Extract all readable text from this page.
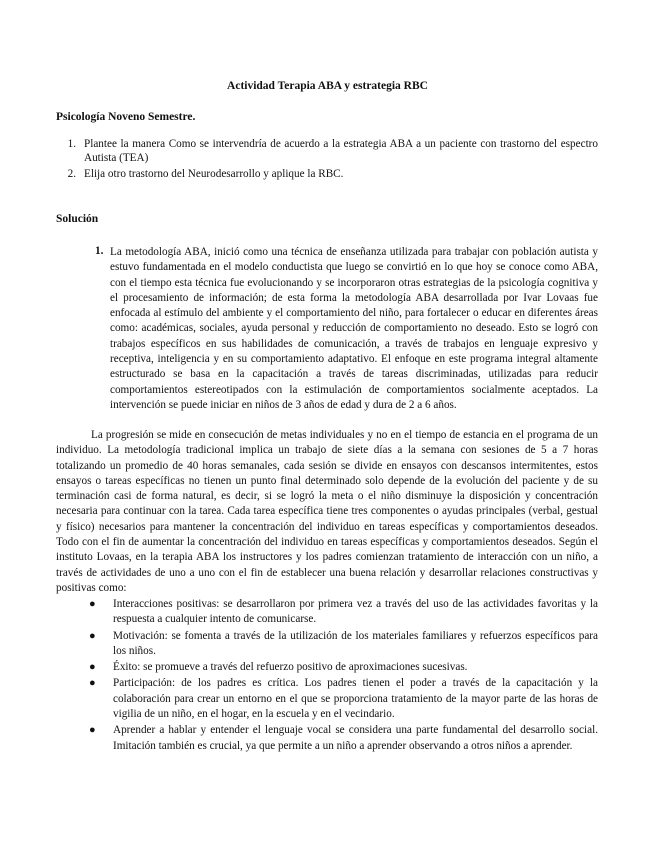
Actividad Terapia ABA y estrategia RBC
Psicología Noveno Semestre.
1. Plantee la manera Como se intervendría de acuerdo a la estrategia ABA a un paciente con trastorno del espectro Autista (TEA)
2. Elija otro trastorno del Neurodesarrollo y aplique la RBC.
Solución
1. La metodología ABA, inició como una técnica de enseñanza utilizada para trabajar con población autista y estuvo fundamentada en el modelo conductista que luego se convirtió en lo que hoy se conoce como ABA, con el tiempo esta técnica fue evolucionando y se incorporaron otras estrategias de la psicología cognitiva y el procesamiento de información; de esta forma la metodología ABA desarrollada por Ivar Lovaas fue enfocada al estímulo del ambiente y el comportamiento del niño, para fortalecer o educar en diferentes áreas como: académicas, sociales, ayuda personal y reducción de comportamiento no deseado. Esto se logró con trabajos específicos en sus habilidades de comunicación, a través de trabajos en lenguaje expresivo y receptiva, inteligencia y en su comportamiento adaptativo. El enfoque en este programa integral altamente estructurado se basa en la capacitación a través de tareas discriminadas, utilizadas para reducir comportamientos estereotipados con la estimulación de comportamientos socialmente aceptados. La intervención se puede iniciar en niños de 3 años de edad y dura de 2 a 6 años.
La progresión se mide en consecución de metas individuales y no en el tiempo de estancia en el programa de un individuo. La metodología tradicional implica un trabajo de siete días a la semana con sesiones de 5 a 7 horas totalizando un promedio de 40 horas semanales, cada sesión se divide en ensayos con descansos intermitentes, estos ensayos o tareas específicas no tienen un punto final determinado solo depende de la evolución del paciente y de su terminación casi de forma natural, es decir, si se logró la meta o el niño disminuye la disposición y concentración necesaria para continuar con la tarea. Cada tarea específica tiene tres componentes o ayudas principales (verbal, gestual y físico) necesarios para mantener la concentración del individuo en tareas específicas y comportamientos deseados. Todo con el fin de aumentar la concentración del individuo en tareas específicas y comportamientos deseados. Según el instituto Lovaas, en la terapia ABA los instructores y los padres comienzan tratamiento de interacción con un niño, a través de actividades de uno a uno con el fin de establecer una buena relación y desarrollar relaciones constructivas y positivas como:
● Interacciones positivas: se desarrollaron por primera vez a través del uso de las actividades favoritas y la respuesta a cualquier intento de comunicarse.
● Motivación: se fomenta a través de la utilización de los materiales familiares y refuerzos específicos para los niños.
● Éxito: se promueve a través del refuerzo positivo de aproximaciones sucesivas.
● Participación: de los padres es crítica. Los padres tienen el poder a través de la capacitación y la colaboración para crear un entorno en el que se proporciona tratamiento de la mayor parte de las horas de vigilia de un niño, en el hogar, en la escuela y en el vecindario.
● Aprender a hablar y entender el lenguaje vocal se considera una parte fundamental del desarrollo social. Imitación también es crucial, ya que permite a un niño a aprender observando a otros niños a aprender.
